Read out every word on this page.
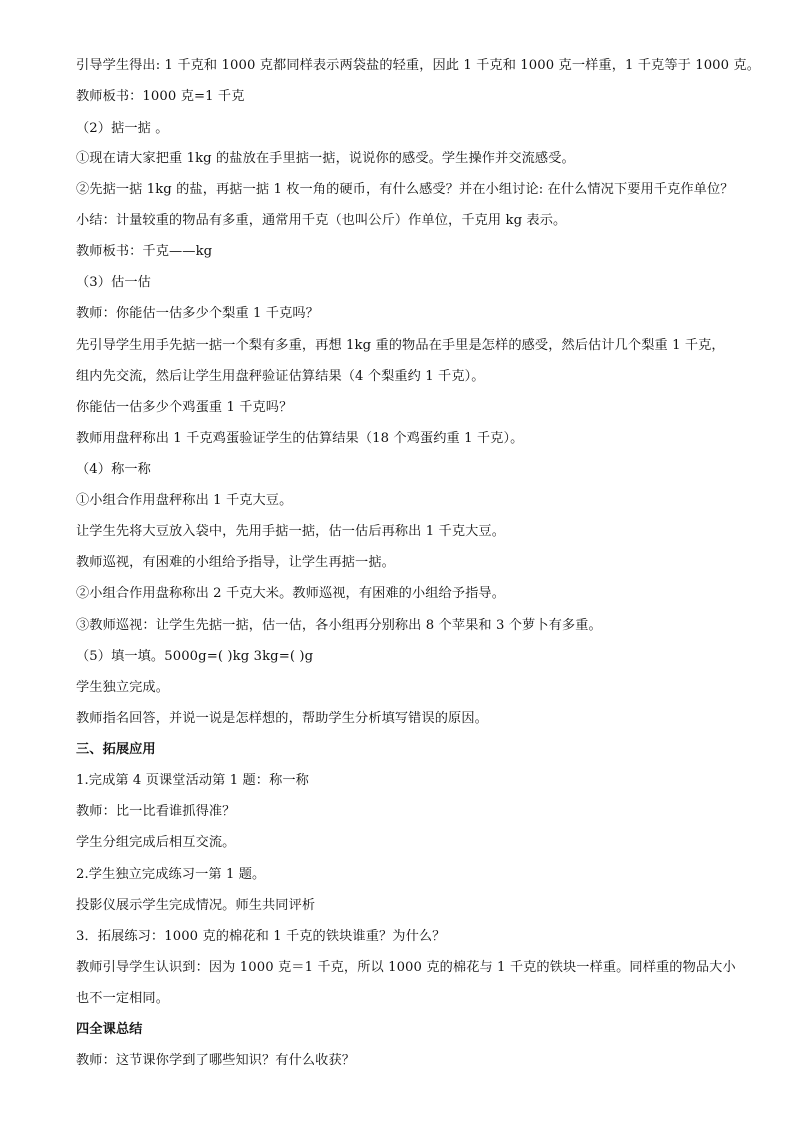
引导学生得出: 1 千克和 1000 克都同样表示两袋盐的轻重，因此 1 千克和 1000 克一样重，1 千克等于 1000 克。
教师板书：1000 克=1 千克
（2）掂一掂 。
①现在请大家把重 1kg 的盐放在手里掂一掂，说说你的感受。学生操作并交流感受。
②先掂一掂 1kg 的盐，再掂一掂 1 枚一角的硬币，有什么感受？并在小组讨论: 在什么情况下要用千克作单位？
小结：计量较重的物品有多重，通常用千克（也叫公斤）作单位，千克用 kg 表示。
教师板书：千克——kg
（3）估一估
教师：你能估一估多少个梨重 1 千克吗？
先引导学生用手先掂一掂一个梨有多重，再想 1kg 重的物品在手里是怎样的感受，然后估计几个梨重 1 千克，
组内先交流，然后让学生用盘秤验证估算结果（4 个梨重约 1 千克）。
你能估一估多少个鸡蛋重 1 千克吗？
教师用盘秤称出 1 千克鸡蛋验证学生的估算结果（18 个鸡蛋约重 1 千克）。
（4）称一称
①小组合作用盘秤称出 1 千克大豆。
让学生先将大豆放入袋中，先用手掂一掂，估一估后再称出 1 千克大豆。
教师巡视，有困难的小组给予指导，让学生再掂一掂。
②小组合作用盘称称出 2 千克大米。教师巡视，有困难的小组给予指导。
③教师巡视：让学生先掂一掂，估一估，各小组再分别称出 8 个苹果和 3 个萝卜有多重。
（5）填一填。5000g=( )kg 3kg=( )g
学生独立完成。
教师指名回答，并说一说是怎样想的，帮助学生分析填写错误的原因。
三、拓展应用
1.完成第 4 页课堂活动第 1 题：称一称
教师：比一比看谁抓得准？
学生分组完成后相互交流。
2.学生独立完成练习一第 1 题。
投影仪展示学生完成情况。师生共同评析
3．拓展练习：1000 克的棉花和 1 千克的铁块谁重？为什么？
教师引导学生认识到：因为 1000 克＝1 千克，所以 1000 克的棉花与 1 千克的铁块一样重。同样重的物品大小
也不一定相同。
四全课总结
教师：这节课你学到了哪些知识？有什么收获？
